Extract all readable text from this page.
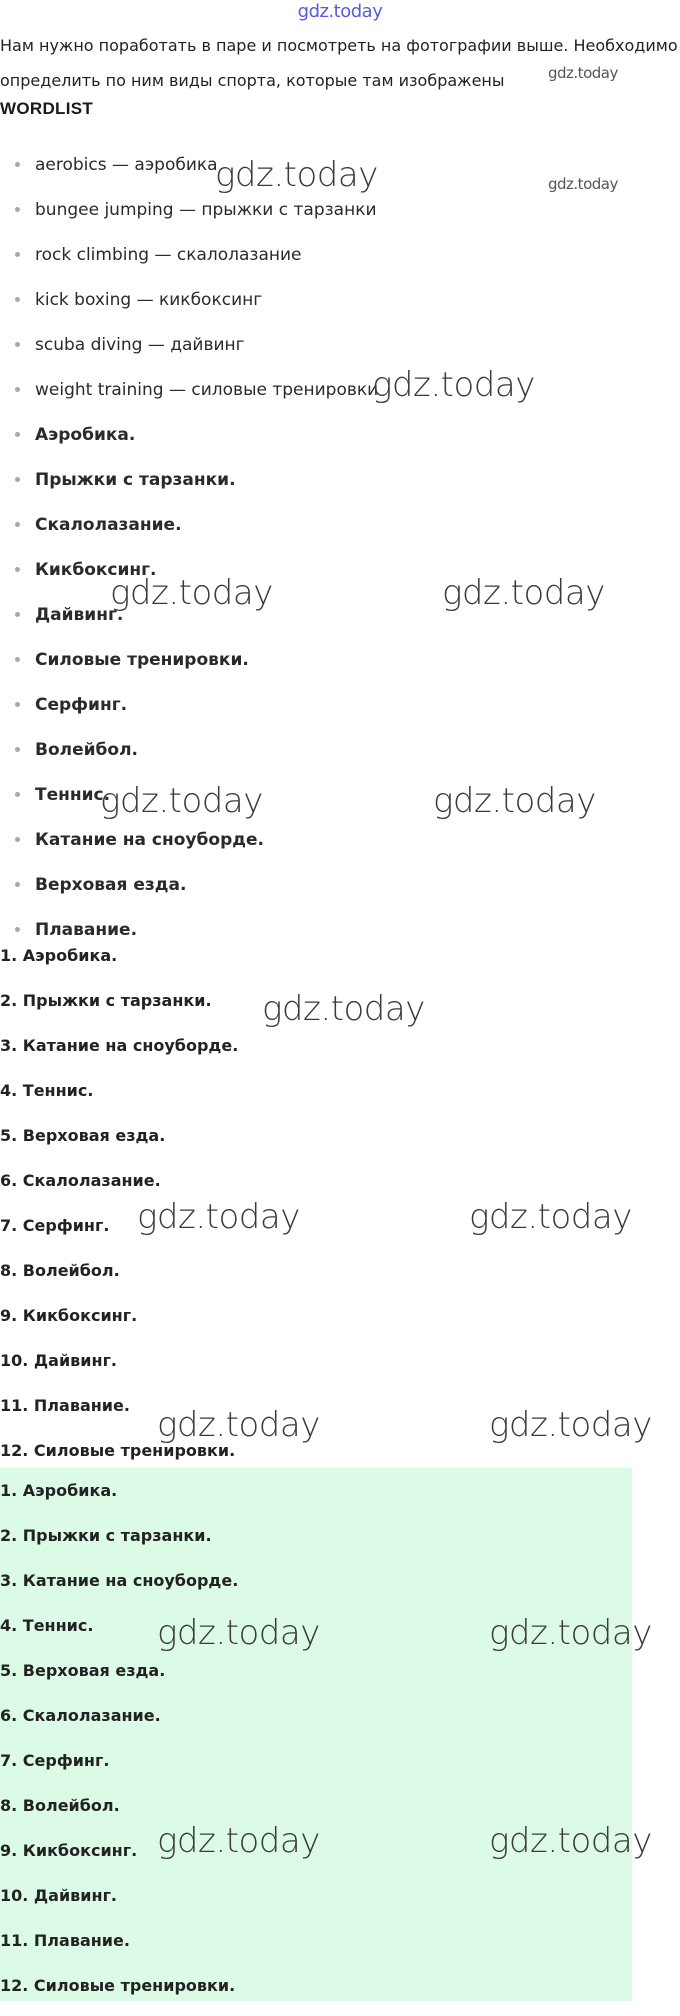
gdz.today

Нам нужно поработать в паре и посмотреть на фотографии выше. Необходимо

определить по ним виды спорта, которые там изображены

WORDLIST
aerobics — аэробика
bungee jumping — прыжки с тарзанки
rock climbing — скалолазание
kick boxing — кикбоксинг
scuba diving — дайвинг
weight training — силовые тренировки
Аэробика.
Прыжки с тарзанки.
Скалолазание.
Кикбоксинг.
Дайвинг.
Силовые тренировки.
Серфинг.
Волейбол.
Теннис.
Катание на сноуборде.
Верховая езда.
Плавание.
1. Аэробика.
2. Прыжки с тарзанки.
3. Катание на сноуборде.
4. Теннис.
5. Верховая езда.
6. Скалолазание.
7. Серфинг.
8. Волейбол.
9. Кикбоксинг.
10. Дайвинг.
11. Плавание.
12. Силовые тренировки.
1. Аэробика.
2. Прыжки с тарзанки.
3. Катание на сноуборде.
4. Теннис.
5. Верховая езда.
6. Скалолазание.
7. Серфинг.
8. Волейбол.
9. Кикбоксинг.
10. Дайвинг.
11. Плавание.
12. Силовые тренировки.
gdz.today
gdz.today
gdz.today
gdz.today
gdz.today	gdz.today
gdz.today	gdz.today
gdz.today
gdz.today	gdz.today
gdz.today	gdz.today
gdz.today	gdz.today
gdz.today	gdz.today
